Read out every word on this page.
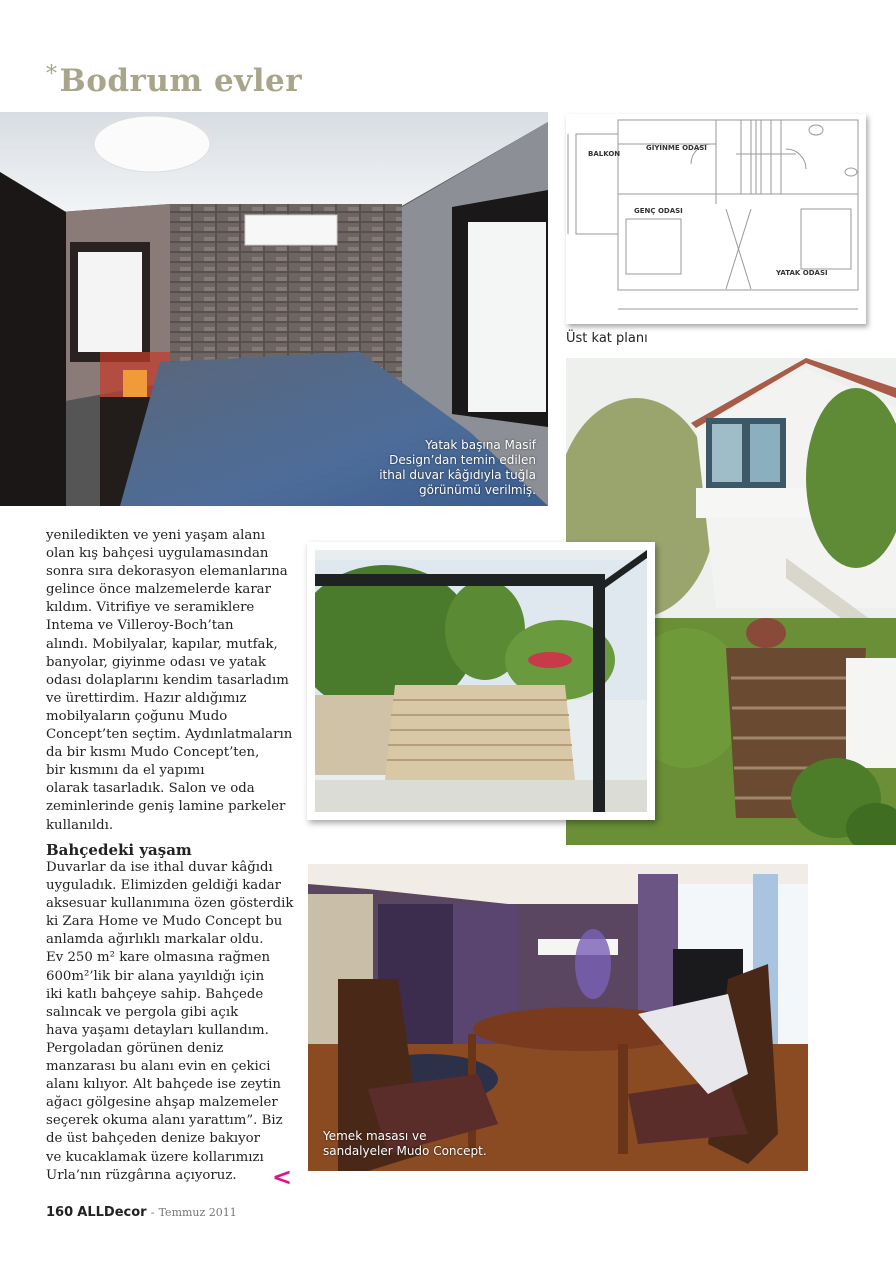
*Bodrum evler
Yatak başına Masif
Design’dan temin edilen
ithal duvar kâğıdıyla tuğla
görünümü verilmiş.
BALKON
GİYİNME ODASI
GENÇ ODASI
YATAK ODASI
Üst kat planı

yeniledikten ve yeni yaşam alanı

olan kış bahçesi uygulamasından

sonra sıra dekorasyon elemanlarına

gelince önce malzemelerde karar

kıldım. Vitrifiye ve seramiklere

Intema ve Villeroy-Boch’tan

alındı. Mobilyalar, kapılar, mutfak,

banyolar, giyinme odası ve yatak

odası dolaplarını kendim tasarladım

ve ürettirdim. Hazır aldığımız

mobilyaların çoğunu Mudo

Concept’ten seçtim. Aydınlatmaların

da bir kısmı Mudo Concept’ten,

bir kısmını da el yapımı

olarak tasarladık. Salon ve oda

zeminlerinde geniş lamine parkeler

kullanıldı.

Bahçedeki yaşam

Duvarlar da ise ithal duvar kâğıdı

uyguladık. Elimizden geldiği kadar

aksesuar kullanımına özen gösterdik

ki Zara Home ve Mudo Concept bu

anlamda ağırlıklı markalar oldu.

Ev 250 m² kare olmasına rağmen

600m²’lik bir alana yayıldığı için

iki katlı bahçeye sahip. Bahçede

salıncak ve pergola gibi açık

hava yaşamı detayları kullandım.

Pergoladan görünen deniz

manzarası bu alanı evin en çekici

alanı kılıyor. Alt bahçede ise zeytin

ağacı gölgesine ahşap malzemeler

seçerek okuma alanı yarattım”. Biz

de üst bahçeden denize bakıyor

ve kucaklamak üzere kollarımızı

Urla’nın rüzgârına açıyoruz.

Yemek masası ve
sandalyeler Mudo Concept.
<
160 ALLDecor - Temmuz 2011
